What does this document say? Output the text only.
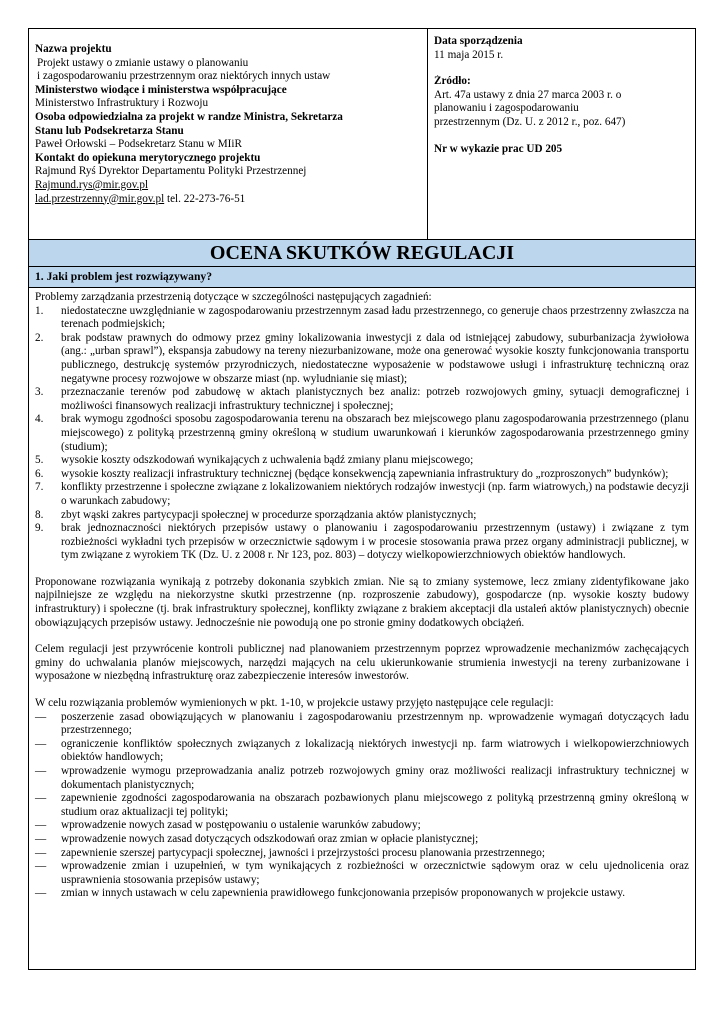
Nazwa projektu
Projekt ustawy o zmianie ustawy o planowaniu
i zagospodarowaniu przestrzennym oraz niektórych innych ustaw
Ministerstwo wiodące i ministerstwa współpracujące
Ministerstwo Infrastruktury i Rozwoju
Osoba odpowiedzialna za projekt w randze Ministra, Sekretarza
Stanu lub Podsekretarza Stanu
Paweł Orłowski – Podsekretarz Stanu w MIiR
Kontakt do opiekuna merytorycznego projektu
Rajmund Ryś Dyrektor Departamentu Polityki Przestrzennej
Rajmund.rys@mir.gov.pl
lad.przestrzenny@mir.gov.pl tel. 22-273-76-51
Data sporządzenia
11 maja 2015 r.
Źródło:
Art. 47a ustawy z dnia 27 marca 2003 r. o
planowaniu i zagospodarowaniu
przestrzennym (Dz. U. z 2012 r., poz. 647)
Nr w wykazie prac UD 205
OCENA SKUTKÓW REGULACJI
1. Jaki problem jest rozwiązywany?

Problemy zarządzania przestrzenią dotyczące w szczególności następujących zagadnień:

1.	niedostateczne uwzględnianie w zagospodarowaniu przestrzennym zasad ładu przestrzennego, co generuje chaos przestrzenny zwłaszcza na terenach podmiejskich;
2.	brak podstaw prawnych do odmowy przez gminy lokalizowania inwestycji z dala od istniejącej zabudowy, suburbanizacja żywiołowa (ang.: „urban sprawl”), ekspansja zabudowy na tereny niezurbanizowane, może ona generować wysokie koszty funkcjonowania transportu publicznego, destrukcję systemów przyrodniczych, niedostateczne wyposażenie w podstawowe usługi i infrastrukturę techniczną oraz negatywne procesy rozwojowe w obszarze miast (np. wyludnianie się miast);
3.	przeznaczanie terenów pod zabudowę w aktach planistycznych bez analiz: potrzeb rozwojowych gminy, sytuacji demograficznej i możliwości finansowych realizacji infrastruktury technicznej i społecznej;
4.	brak wymogu zgodności sposobu zagospodarowania terenu na obszarach bez miejscowego planu zagospodarowania przestrzennego (planu miejscowego) z polityką przestrzenną gminy określoną w studium uwarunkowań i kierunków zagospodarowania przestrzennego gminy (studium);
5.	wysokie koszty odszkodowań wynikających z uchwalenia bądź zmiany planu miejscowego;
6.	wysokie koszty realizacji infrastruktury technicznej (będące konsekwencją zapewniania infrastruktury do „rozproszonych” budynków);
7.	konflikty przestrzenne i społeczne związane z lokalizowaniem niektórych rodzajów inwestycji (np. farm wiatrowych,) na podstawie decyzji o warunkach zabudowy;
8.	zbyt wąski zakres partycypacji społecznej w procedurze sporządzania aktów planistycznych;
9.	brak jednoznaczności niektórych przepisów ustawy o planowaniu i zagospodarowaniu przestrzennym (ustawy) i związane z tym rozbieżności wykładni tych przepisów w orzecznictwie sądowym i w procesie stosowania prawa przez organy administracji publicznej, w tym związane z wyrokiem TK (Dz. U. z 2008 r. Nr 123, poz. 803) – dotyczy wielkopowierzchniowych obiektów handlowych.

Proponowane rozwiązania wynikają z potrzeby dokonania szybkich zmian. Nie są to zmiany systemowe, lecz zmiany zidentyfikowane jako najpilniejsze ze względu na niekorzystne skutki przestrzenne (np. rozproszenie zabudowy), gospodarcze (np. wysokie koszty budowy infrastruktury) i społeczne (tj. brak infrastruktury społecznej, konflikty związane z brakiem akceptacji dla ustaleń aktów planistycznych) obecnie obowiązujących przepisów ustawy. Jednocześnie nie powodują one po stronie gminy dodatkowych obciążeń.

Celem regulacji jest przywrócenie kontroli publicznej nad planowaniem przestrzennym poprzez wprowadzenie mechanizmów zachęcających gminy do uchwalania planów miejscowych, narzędzi mających na celu ukierunkowanie strumienia inwestycji na tereny zurbanizowane i wyposażone w niezbędną infrastrukturę oraz zabezpieczenie interesów inwestorów.

W celu rozwiązania problemów wymienionych w pkt. 1-10, w projekcie ustawy przyjęto następujące cele regulacji:

—	poszerzenie zasad obowiązujących w planowaniu i zagospodarowaniu przestrzennym np. wprowadzenie wymagań dotyczących ładu przestrzennego;
—	ograniczenie konfliktów społecznych związanych z lokalizacją niektórych inwestycji np. farm wiatrowych i wielkopowierzchniowych obiektów handlowych;
—	wprowadzenie wymogu przeprowadzania analiz potrzeb rozwojowych gminy oraz możliwości realizacji infrastruktury technicznej w dokumentach planistycznych;
—	zapewnienie zgodności zagospodarowania na obszarach pozbawionych planu miejscowego z polityką przestrzenną gminy określoną w studium oraz aktualizacji tej polityki;
—	wprowadzenie nowych zasad w postępowaniu o ustalenie warunków zabudowy;
—	wprowadzenie nowych zasad dotyczących odszkodowań oraz zmian w opłacie planistycznej;
—	zapewnienie szerszej partycypacji społecznej, jawności i przejrzystości procesu planowania przestrzennego;
—	wprowadzenie zmian i uzupełnień, w tym wynikających z rozbieżności w orzecznictwie sądowym oraz w celu ujednolicenia oraz usprawnienia stosowania przepisów ustawy;
—	zmian w innych ustawach w celu zapewnienia prawidłowego funkcjonowania przepisów proponowanych w projekcie ustawy.
